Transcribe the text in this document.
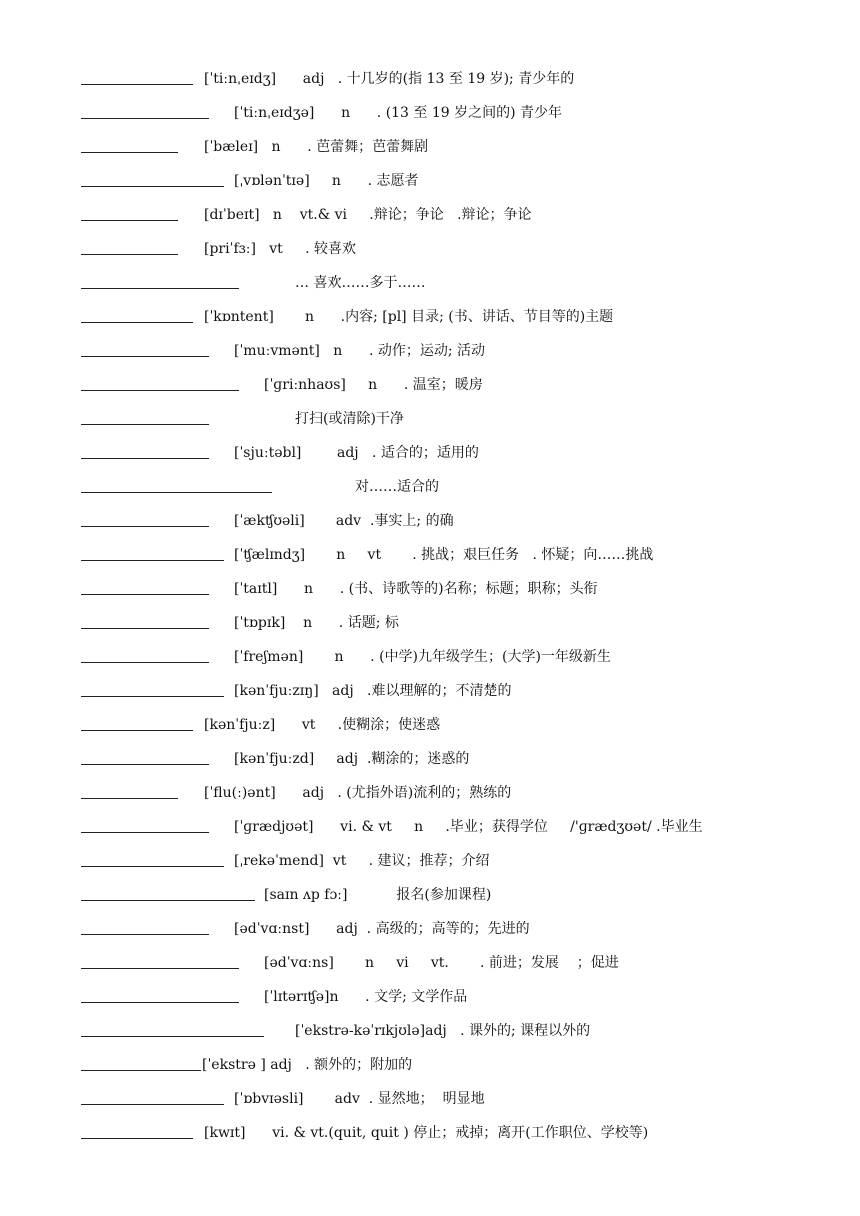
[ˈtiːnˌeɪdʒ]      adj   . 十几岁的(指 13 至 19 岁); 青少年的
[ˈtiːnˌeɪdʒə]      n      . (13 至 19 岁之间的) 青少年
[ˈbæleɪ]   n      . 芭蕾舞；芭蕾舞剧
[ˌvɒlənˈtɪə]     n      . 志愿者
[dɪˈbeɪt]   n    vt.& vi     .辩论；争论   .辩论；争论
[priˈfɜː]   vt     . 较喜欢
… 喜欢……多于……
[ˈkɒntent]       n      .内容; [pl] 目录; (书、讲话、节目等的)主题
[ˈmuːvmənt]   n      . 动作；运动; 活动
[ˈɡriːnhaʊs]     n      . 温室；暖房
打扫(或清除)干净
[ˈsjuːtəbl]        adj   . 适合的；适用的
对……适合的
[ˈækʧʊəli]       adv  .事实上; 的确
[ˈʧælɪndʒ]       n     vt       . 挑战；艰巨任务   . 怀疑；向……挑战
[ˈtaɪtl]      n      . (书、诗歌等的)名称；标题；职称；头衔
[ˈtɒpɪk]    n      . 话题; 标
[ˈfreʃmən]       n      . (中学)九年级学生；(大学)一年级新生
[kənˈfjuːzɪŋ]   adj   .难以理解的；不清楚的
[kənˈfjuːz]      vt     .使糊涂；使迷惑
[kənˈfjuːzd]     adj  .糊涂的；迷惑的
[ˈflu(ː)ənt]      adj   . (尤指外语)流利的；熟练的
[ˈɡrædjʊət]      vi. & vt     n     .毕业；获得学位     /'ɡrædʒʊət/ .毕业生
[ˌrekəˈmend]  vt     . 建议；推荐；介绍
[saɪn ʌp fɔː]           报名(参加课程)
[ədˈvɑːnst]      adj  . 高级的；高等的；先进的
[ədˈvɑːns]       n     vi     vt.       . 前进；发展    ；促进
[ˈlɪtərɪʧə]n      . 文学; 文学作品
[ˈekstrə-kəˈrɪkjʊlə]adj   . 课外的; 课程以外的
[ˈekstrə ] adj   . 额外的；附加的
[ˈɒbvɪəsli]       adv  . 显然地；  明显地
[kwɪt]      vi. & vt.(quit, quit ) 停止；戒掉；离开(工作职位、学校等)
